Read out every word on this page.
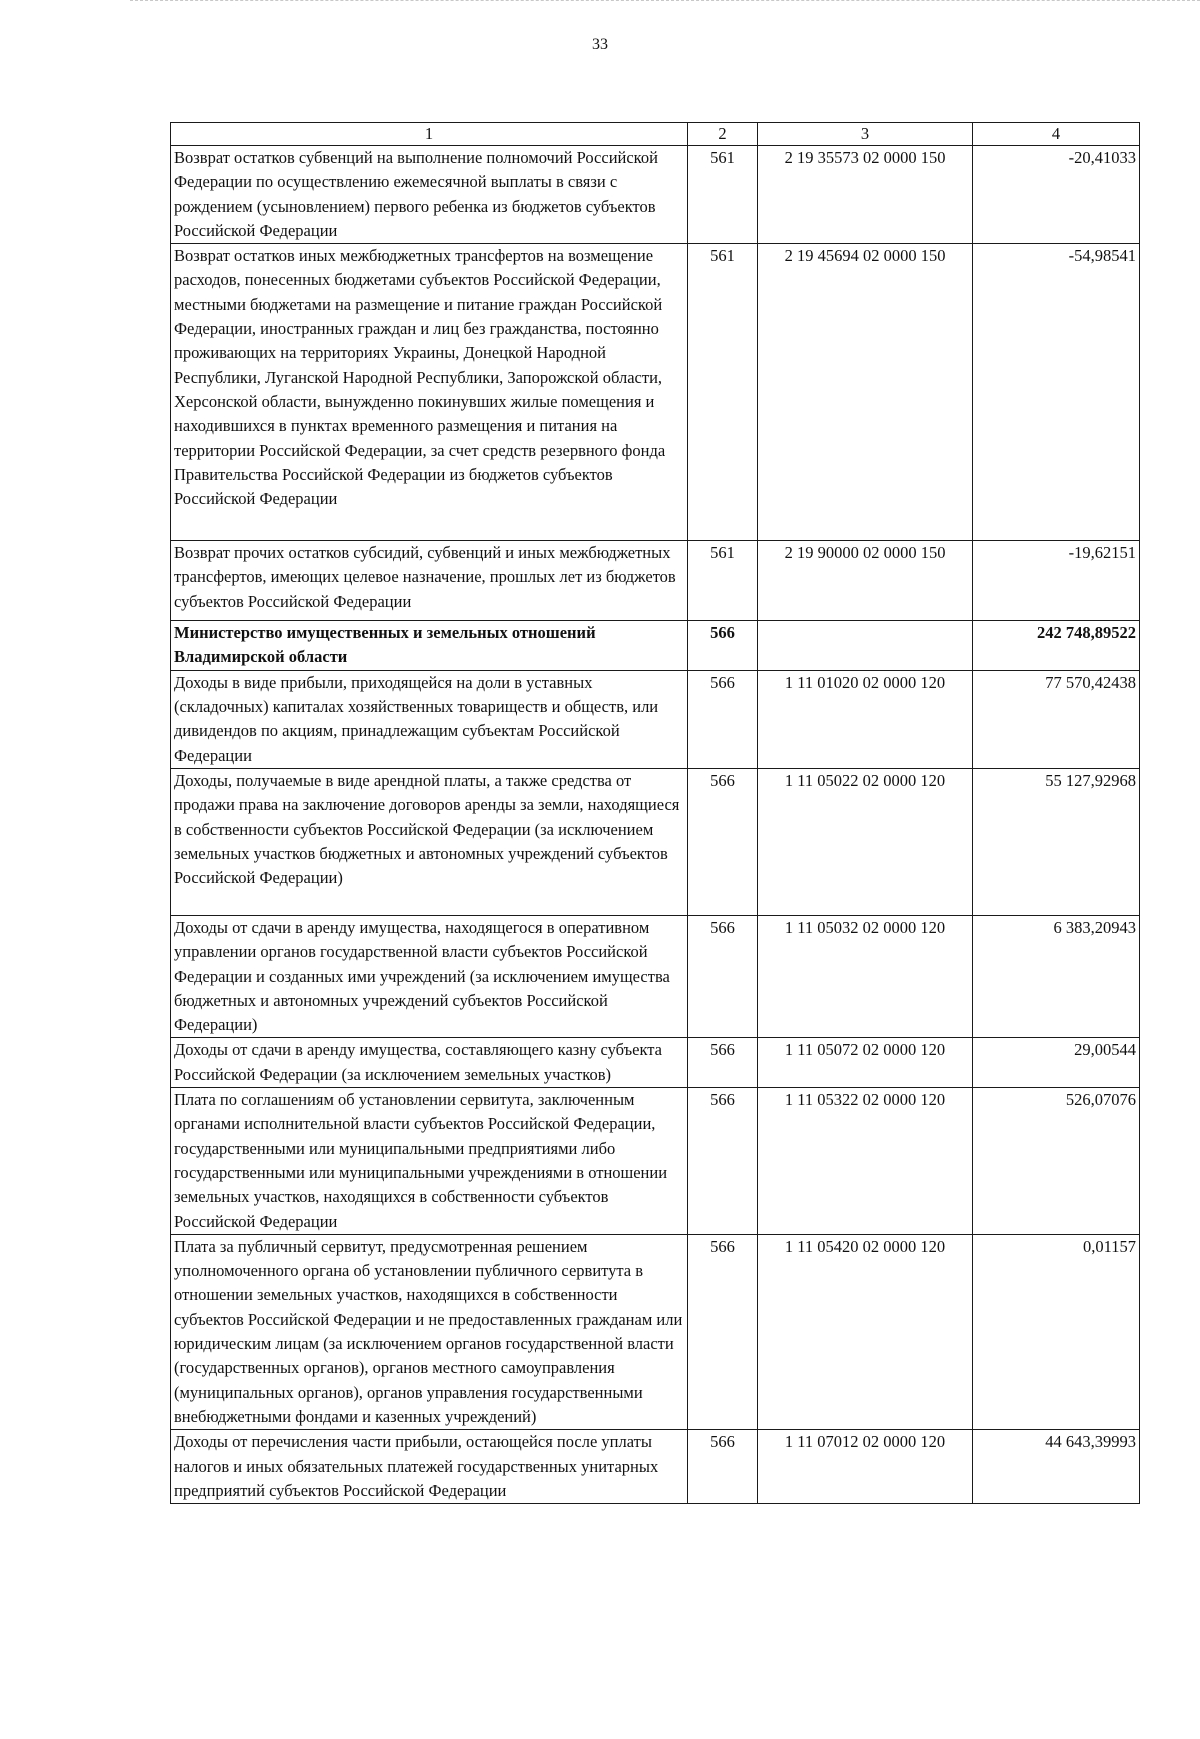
33
1	2	3	4
Возврат остатков субвенций на выполнение полномочий Российской Федерации по осуществлению ежемесячной выплаты в связи с рождением (усыновлением) первого ребенка из бюджетов субъектов Российской Федерации	561	2 19 35573 02 0000 150	-20,41033
Возврат остатков иных межбюджетных трансфертов на возмещение расходов, понесенных бюджетами субъектов Российской Федерации, местными бюджетами на размещение и питание граждан Российской Федерации, иностранных граждан и лиц без гражданства, постоянно проживающих на территориях Украины, Донецкой Народной Республики, Луганской Народной Республики, Запорожской области, Херсонской области, вынужденно покинувших жилые помещения и находившихся в пунктах временного размещения и питания на территории Российской Федерации, за счет средств резервного фонда Правительства Российской Федерации из бюджетов субъектов Российской Федерации	561	2 19 45694 02 0000 150	-54,98541
Возврат прочих остатков субсидий, субвенций и иных межбюджетных трансфертов, имеющих целевое назначение, прошлых лет из бюджетов субъектов Российской Федерации	561	2 19 90000 02 0000 150	-19,62151
Министерство имущественных и земельных отношений Владимирской области	566		242 748,89522
Доходы в виде прибыли, приходящейся на доли в уставных (складочных) капиталах хозяйственных товариществ и обществ, или дивидендов по акциям, принадлежащим субъектам Российской Федерации	566	1 11 01020 02 0000 120	77 570,42438
Доходы, получаемые в виде арендной платы, а также средства от продажи права на заключение договоров аренды за земли, находящиеся в собственности субъектов Российской Федерации (за исключением земельных участков бюджетных и автономных учреждений субъектов Российской Федерации)	566	1 11 05022 02 0000 120	55 127,92968
Доходы от сдачи в аренду имущества, находящегося в оперативном управлении органов государственной власти субъектов Российской Федерации и созданных ими учреждений (за исключением имущества бюджетных и автономных учреждений субъектов Российской Федерации)	566	1 11 05032 02 0000 120	6 383,20943
Доходы от сдачи в аренду имущества, составляющего казну субъекта Российской Федерации (за исключением земельных участков)	566	1 11 05072 02 0000 120	29,00544
Плата по соглашениям об установлении сервитута, заключенным органами исполнительной власти субъектов Российской Федерации, государственными или муниципальными предприятиями либо государственными или муниципальными учреждениями в отношении земельных участков, находящихся в собственности субъектов Российской Федерации	566	1 11 05322 02 0000 120	526,07076
Плата за публичный сервитут, предусмотренная решением уполномоченного органа об установлении публичного сервитута в отношении земельных участков, находящихся в собственности субъектов Российской Федерации и не предоставленных гражданам или юридическим лицам (за исключением органов государственной власти (государственных органов), органов местного самоуправления (муниципальных органов), органов управления государственными внебюджетными фондами и казенных учреждений)	566	1 11 05420 02 0000 120	0,01157
Доходы от перечисления части прибыли, остающейся после уплаты налогов и иных обязательных платежей государственных унитарных предприятий субъектов Российской Федерации	566	1 11 07012 02 0000 120	44 643,39993
